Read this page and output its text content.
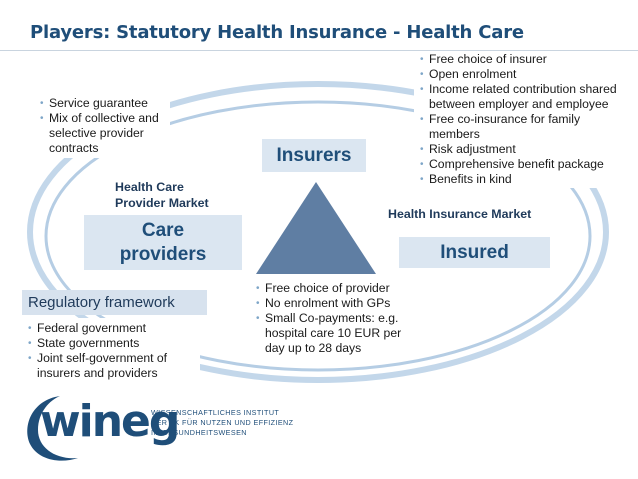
Players: Statutory Health Insurance - Health Care
• Free choice of insurer
• Open enrolment
• Income related contribution shared between employer and employee
• Free co-insurance for family members
• Risk adjustment
• Comprehensive benefit package
• Benefits in kind
• Service guarantee
• Mix of collective and selective provider contracts	Insurers
Health Care
Provider Market
Health Insurance Market
Care
providers	Insured
• Free choice of provider
• No enrolment with GPs
• Small Co-payments: e.g. hospital care 10 EUR per day up to 28 days
Regulatory framework
• Federal government
• State governments
• Joint self-government of insurers and providers
wineg
WISSENSCHAFTLICHES INSTITUT
DER TK FÜR NUTZEN UND EFFIZIENZ
IM GESUNDHEITSWESEN
